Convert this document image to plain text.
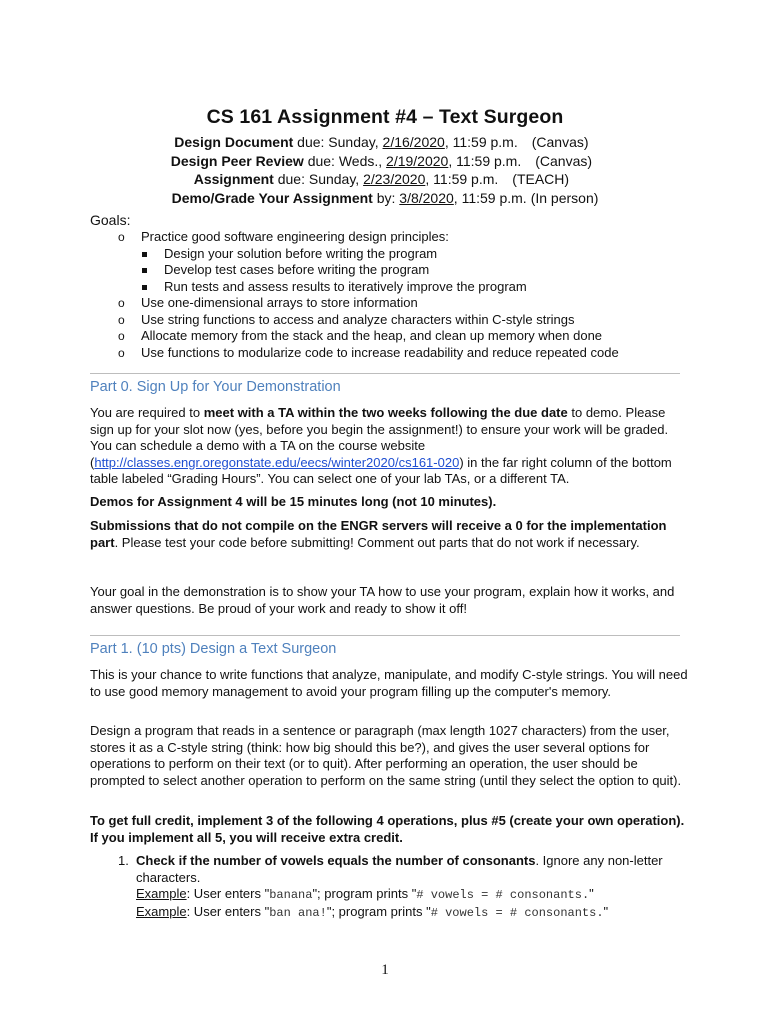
CS 161 Assignment #4 – Text Surgeon
Design Document due: Sunday, 2/16/2020, 11:59 p.m. (Canvas)
Design Peer Review due: Weds., 2/19/2020, 11:59 p.m. (Canvas)
Assignment due: Sunday, 2/23/2020, 11:59 p.m. (TEACH)
Demo/Grade Your Assignment by: 3/8/2020, 11:59 p.m. (In person)
Goals:
o Practice good software engineering design principles:
Design your solution before writing the program
Develop test cases before writing the program
Run tests and assess results to iteratively improve the program
o Use one-dimensional arrays to store information
o Use string functions to access and analyze characters within C-style strings
o Allocate memory from the stack and the heap, and clean up memory when done
o Use functions to modularize code to increase readability and reduce repeated code
Part 0. Sign Up for Your Demonstration
You are required to meet with a TA within the two weeks following the due date to demo. Please sign up for your slot now (yes, before you begin the assignment!) to ensure your work will be graded. You can schedule a demo with a TA on the course website (http://classes.engr.oregonstate.edu/eecs/winter2020/cs161-020) in the far right column of the bottom table labeled “Grading Hours”. You can select one of your lab TAs, or a different TA.
Demos for Assignment 4 will be 15 minutes long (not 10 minutes).
Submissions that do not compile on the ENGR servers will receive a 0 for the implementation part. Please test your code before submitting! Comment out parts that do not work if necessary.
Your goal in the demonstration is to show your TA how to use your program, explain how it works, and answer questions. Be proud of your work and ready to show it off!
Part 1. (10 pts) Design a Text Surgeon
This is your chance to write functions that analyze, manipulate, and modify C-style strings. You will need to use good memory management to avoid your program filling up the computer's memory.
Design a program that reads in a sentence or paragraph (max length 1027 characters) from the user, stores it as a C-style string (think: how big should this be?), and gives the user several options for operations to perform on their text (or to quit). After performing an operation, the user should be prompted to select another operation to perform on the same string (until they select the option to quit).
To get full credit, implement 3 of the following 4 operations, plus #5 (create your own operation). If you implement all 5, you will receive extra credit.
1. Check if the number of vowels equals the number of consonants. Ignore any non-letter characters.
Example: User enters "banana"; program prints "# vowels = # consonants."
Example: User enters "ban ana!"; program prints "# vowels = # consonants."
1
